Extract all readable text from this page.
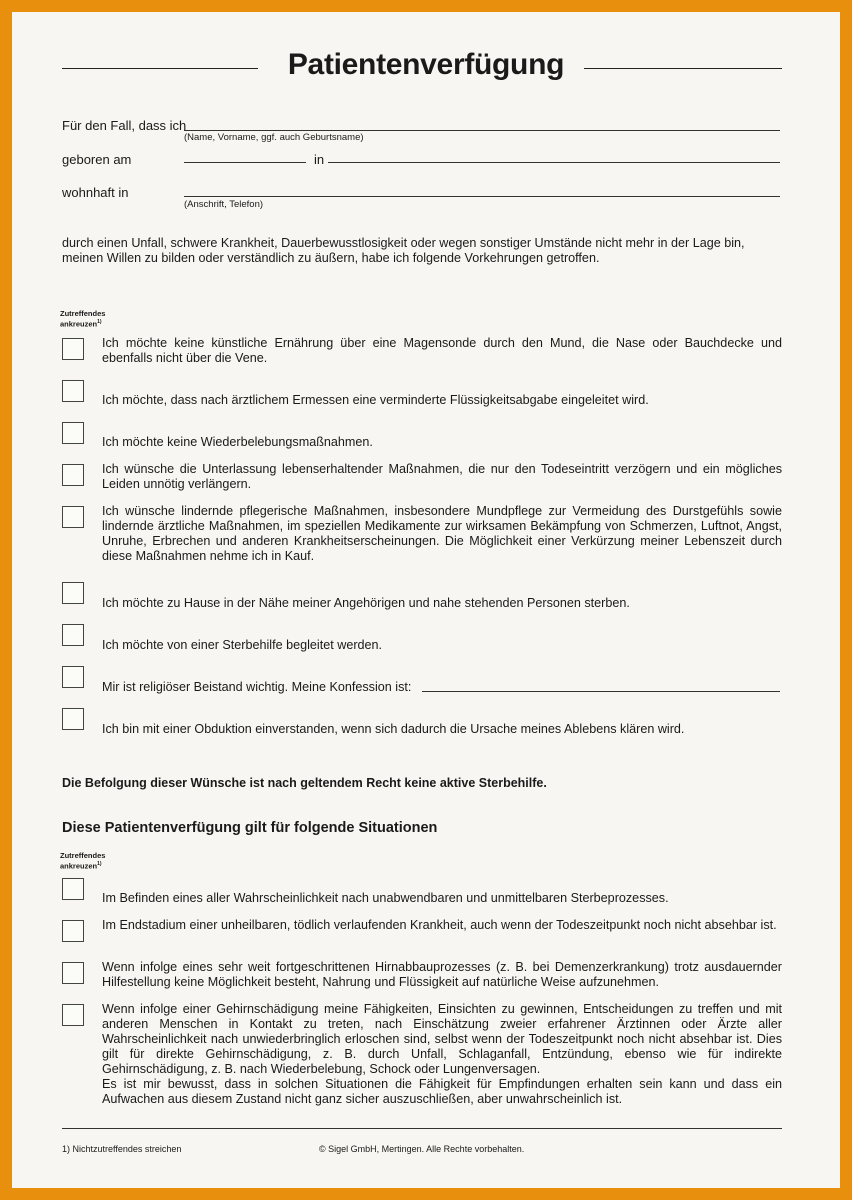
Patientenverfügung
Für den Fall, dass ich
(Name, Vorname, ggf. auch Geburtsname)
geboren am	in
wohnhaft in
(Anschrift, Telefon)
durch einen Unfall, schwere Krankheit, Dauerbewusstlosigkeit oder wegen sonstiger Umstände nicht mehr in der Lage bin, meinen Willen zu bilden oder verständlich zu äußern, habe ich folgende Vorkehrungen getroffen.
Zutreffendes
ankreuzen$^{1)}$
Ich möchte keine künstliche Ernährung über eine Magensonde durch den Mund, die Nase oder Bauchdecke und ebenfalls nicht über die Vene.
Ich möchte, dass nach ärztlichem Ermessen eine verminderte Flüssigkeitsabgabe eingeleitet wird.
Ich möchte keine Wiederbelebungsmaßnahmen.
Ich wünsche die Unterlassung lebenserhaltender Maßnahmen, die nur den Todeseintritt verzögern und ein mögliches Leiden unnötig verlängern.
Ich wünsche lindernde pflegerische Maßnahmen, insbesondere Mundpflege zur Vermeidung des Durstgefühls sowie lindernde ärztliche Maßnahmen, im speziellen Medikamente zur wirksamen Bekämpfung von Schmerzen, Luftnot, Angst, Unruhe, Erbrechen und anderen Krankheitserscheinungen. Die Möglichkeit einer Verkürzung meiner Lebenszeit durch diese Maßnahmen nehme ich in Kauf.
Ich möchte zu Hause in der Nähe meiner Angehörigen und nahe stehenden Personen sterben.
Ich möchte von einer Sterbehilfe begleitet werden.
Mir ist religiöser Beistand wichtig. Meine Konfession ist:
Ich bin mit einer Obduktion einverstanden, wenn sich dadurch die Ursache meines Ablebens klären wird.
Die Befolgung dieser Wünsche ist nach geltendem Recht keine aktive Sterbehilfe.
Diese Patientenverfügung gilt für folgende Situationen
Zutreffendes
ankreuzen$^{1)}$
Im Befinden eines aller Wahrscheinlichkeit nach unabwendbaren und unmittelbaren Sterbeprozesses.
Im Endstadium einer unheilbaren, tödlich verlaufenden Krankheit, auch wenn der Todeszeitpunkt noch nicht absehbar ist.
Wenn infolge eines sehr weit fortgeschrittenen Hirnabbauprozesses (z. B. bei Demenzerkrankung) trotz ausdauernder Hilfestellung keine Möglichkeit besteht, Nahrung und Flüssigkeit auf natürliche Weise aufzunehmen.
Wenn infolge einer Gehirnschädigung meine Fähigkeiten, Einsichten zu gewinnen, Entscheidungen zu treffen und mit anderen Menschen in Kontakt zu treten, nach Einschätzung zweier erfahrener Ärztinnen oder Ärzte aller Wahrscheinlichkeit nach unwiederbringlich erloschen sind, selbst wenn der Todeszeitpunkt noch nicht absehbar ist. Dies gilt für direkte Gehirnschädigung, z. B. durch Unfall, Schlaganfall, Entzündung, ebenso wie für indirekte Gehirnschädigung, z. B. nach Wiederbelebung, Schock oder Lungenversagen.
Es ist mir bewusst, dass in solchen Situationen die Fähigkeit für Empfindungen erhalten sein kann und dass ein Aufwachen aus diesem Zustand nicht ganz sicher auszuschließen, aber unwahrscheinlich ist.
1) Nichtzutreffendes streichen	© Sigel GmbH, Mertingen. Alle Rechte vorbehalten.
